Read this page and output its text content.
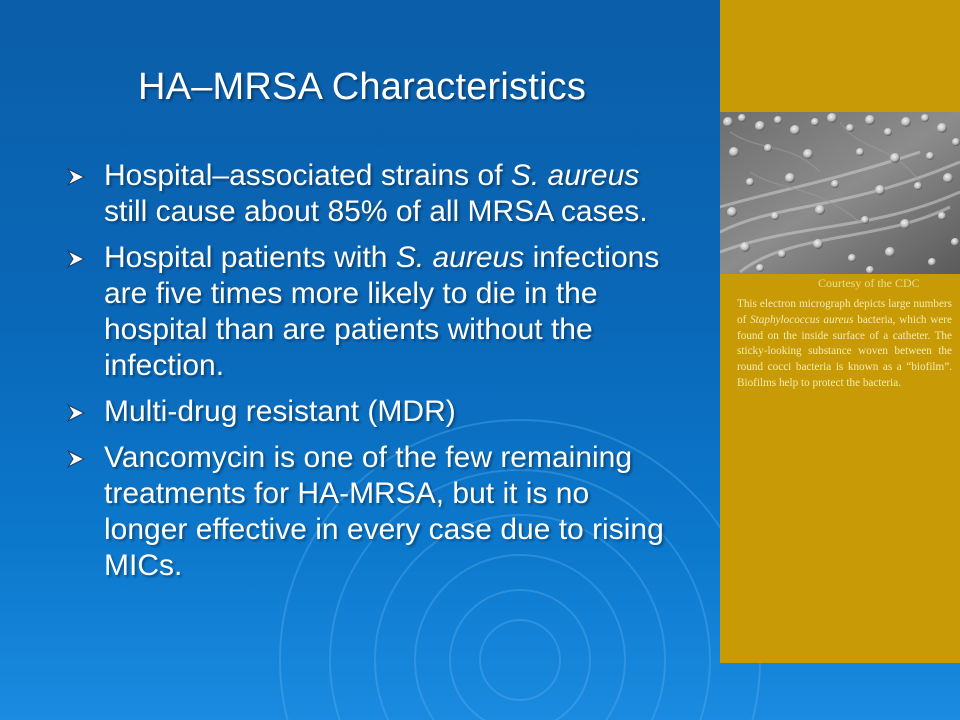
HA–MRSA Characteristics
Hospital–associated strains of S. aureus still cause about 85% of all MRSA cases.
Hospital patients with S. aureus infections are five times more likely to die in the hospital than are patients without the infection.
Multi-drug resistant (MDR)
Vancomycin is one of the few remaining treatments for HA-MRSA, but it is no longer effective in every case due to rising MICs.
Courtesy of the CDC
This electron micrograph depicts large numbers of Staphylococcus aureus bacteria, which were found on the inside surface of a catheter. The sticky-looking substance woven between the round cocci bacteria is known as a “biofilm”. Biofilms help to protect the bacteria.
